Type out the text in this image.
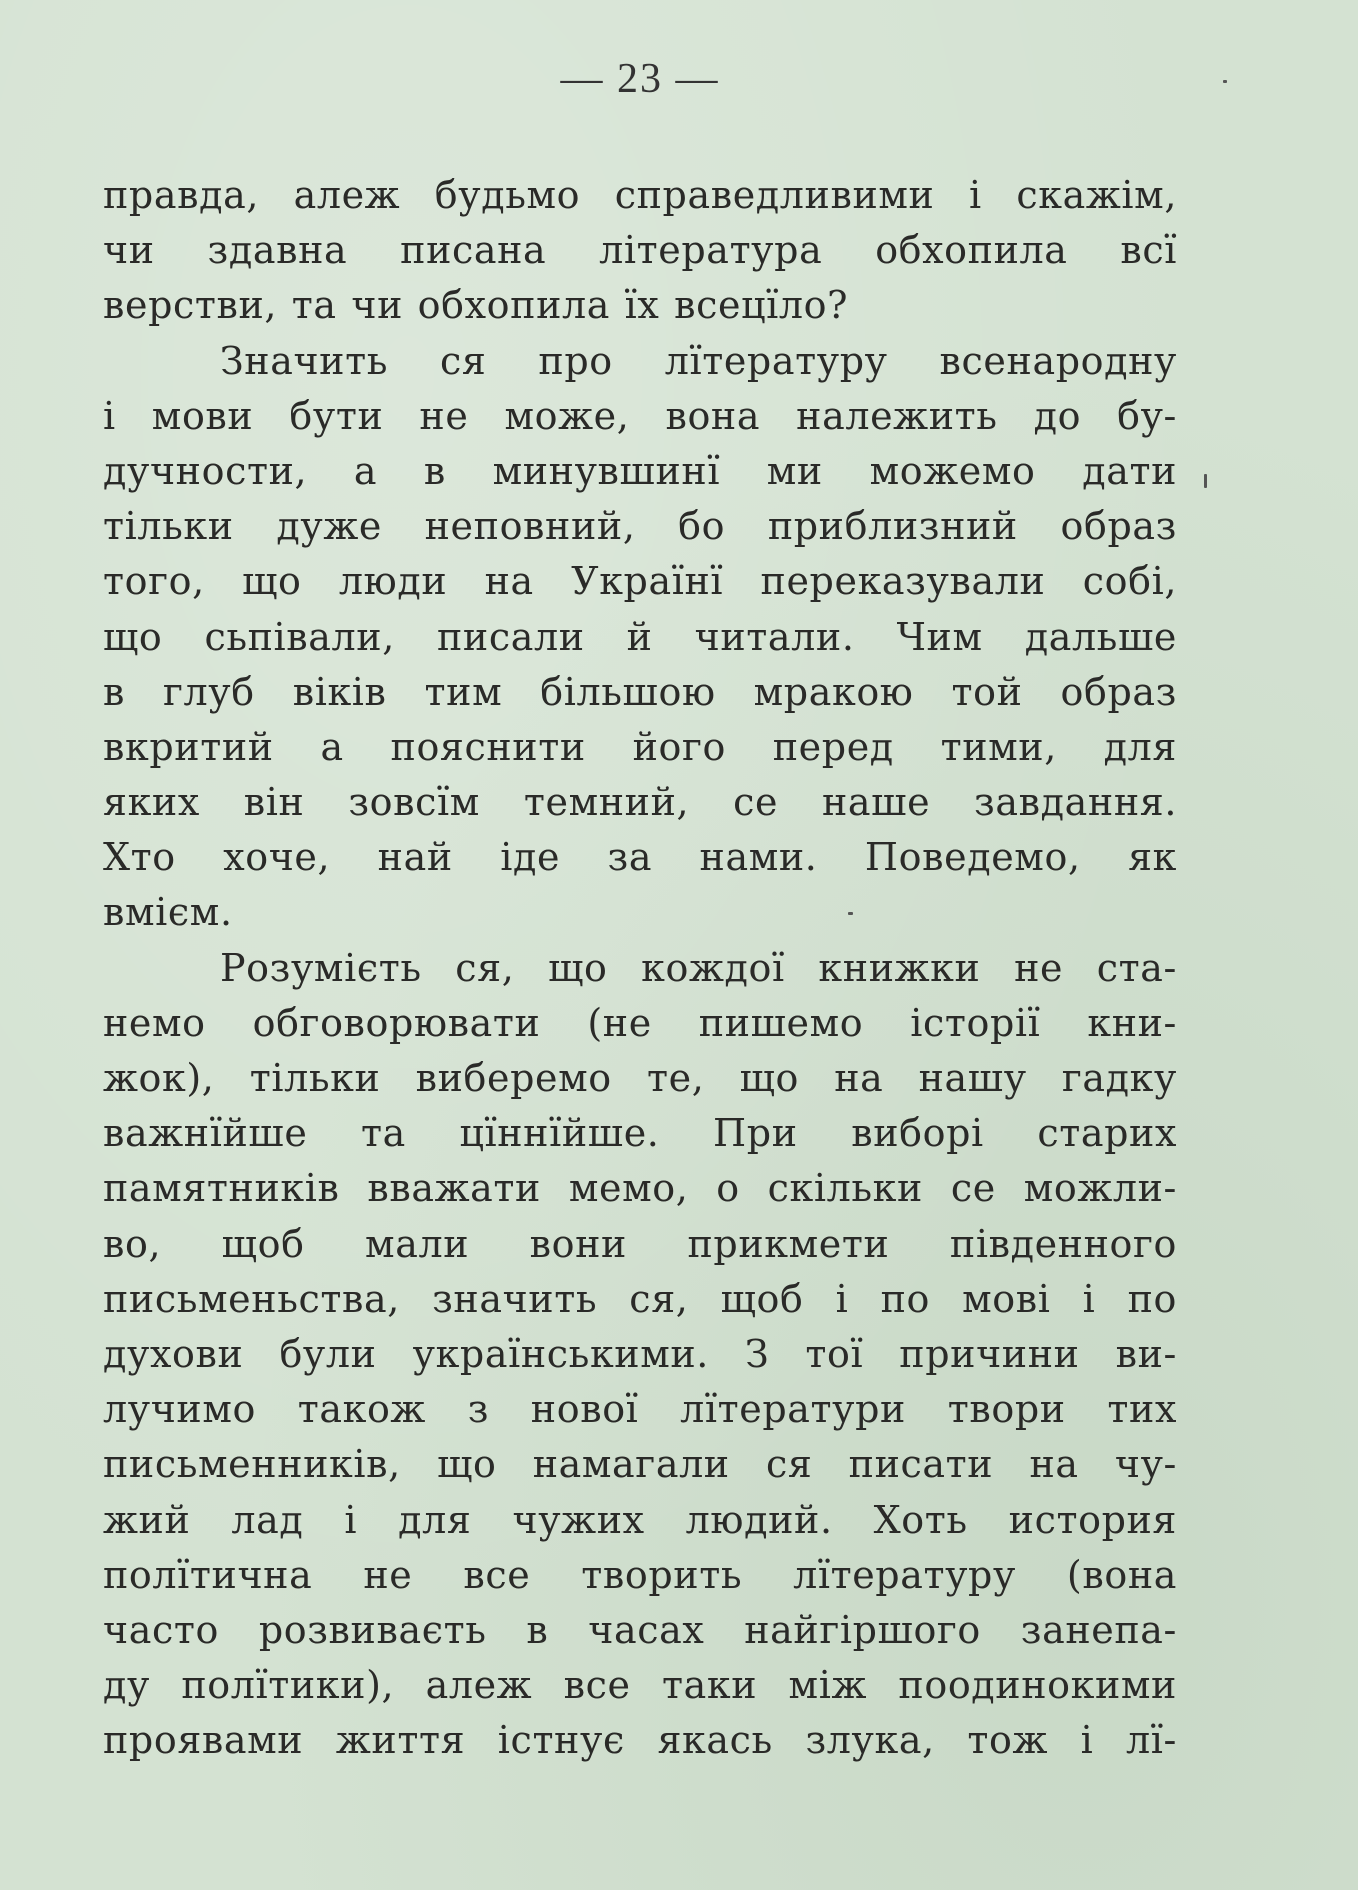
— 23 —
правда, алеж будьмо справедливими і скажім,
чи здавна писана література обхопила всї
верстви, та чи обхопила їх всецїло?
Значить ся про лїтературу всенародну
і мови бути не може, вона належить до бу-
дучности, а в минувшинї ми можемо дати
тільки дуже неповний, бо приблизний образ
того, що люди на Українї переказували собі,
що сьпівали, писали й читали. Чим дальше
в глуб віків тим більшою мракою той образ
вкритий а пояснити його перед тими, для
яких він зовсїм темний, се наше завдання.
Хто хоче, най іде за нами. Поведемо, як
вмієм.
Розумієть ся, що кождої книжки не ста-
немо обговорювати (не пишемо історії кни-
жок), тільки виберемо те, що на нашу гадку
важнїйше та цїннїйше. При виборі старих
памятників вважати мемо, о скільки се можли-
во, щоб мали вони прикмети південного
письменьства, значить ся, щоб і по мові і по
духови були українськими. З тої причини ви-
лучимо також з нової лїтератури твори тих
письменників, що намагали ся писати на чу-
жий лад і для чужих людий. Хоть история
полїтична не все творить лїтературу (вона
часто розвиваєть в часах найгіршого занепа-
ду полїтики), алеж все таки між поодинокими
проявами життя істнує якась злука, тож і лї-
